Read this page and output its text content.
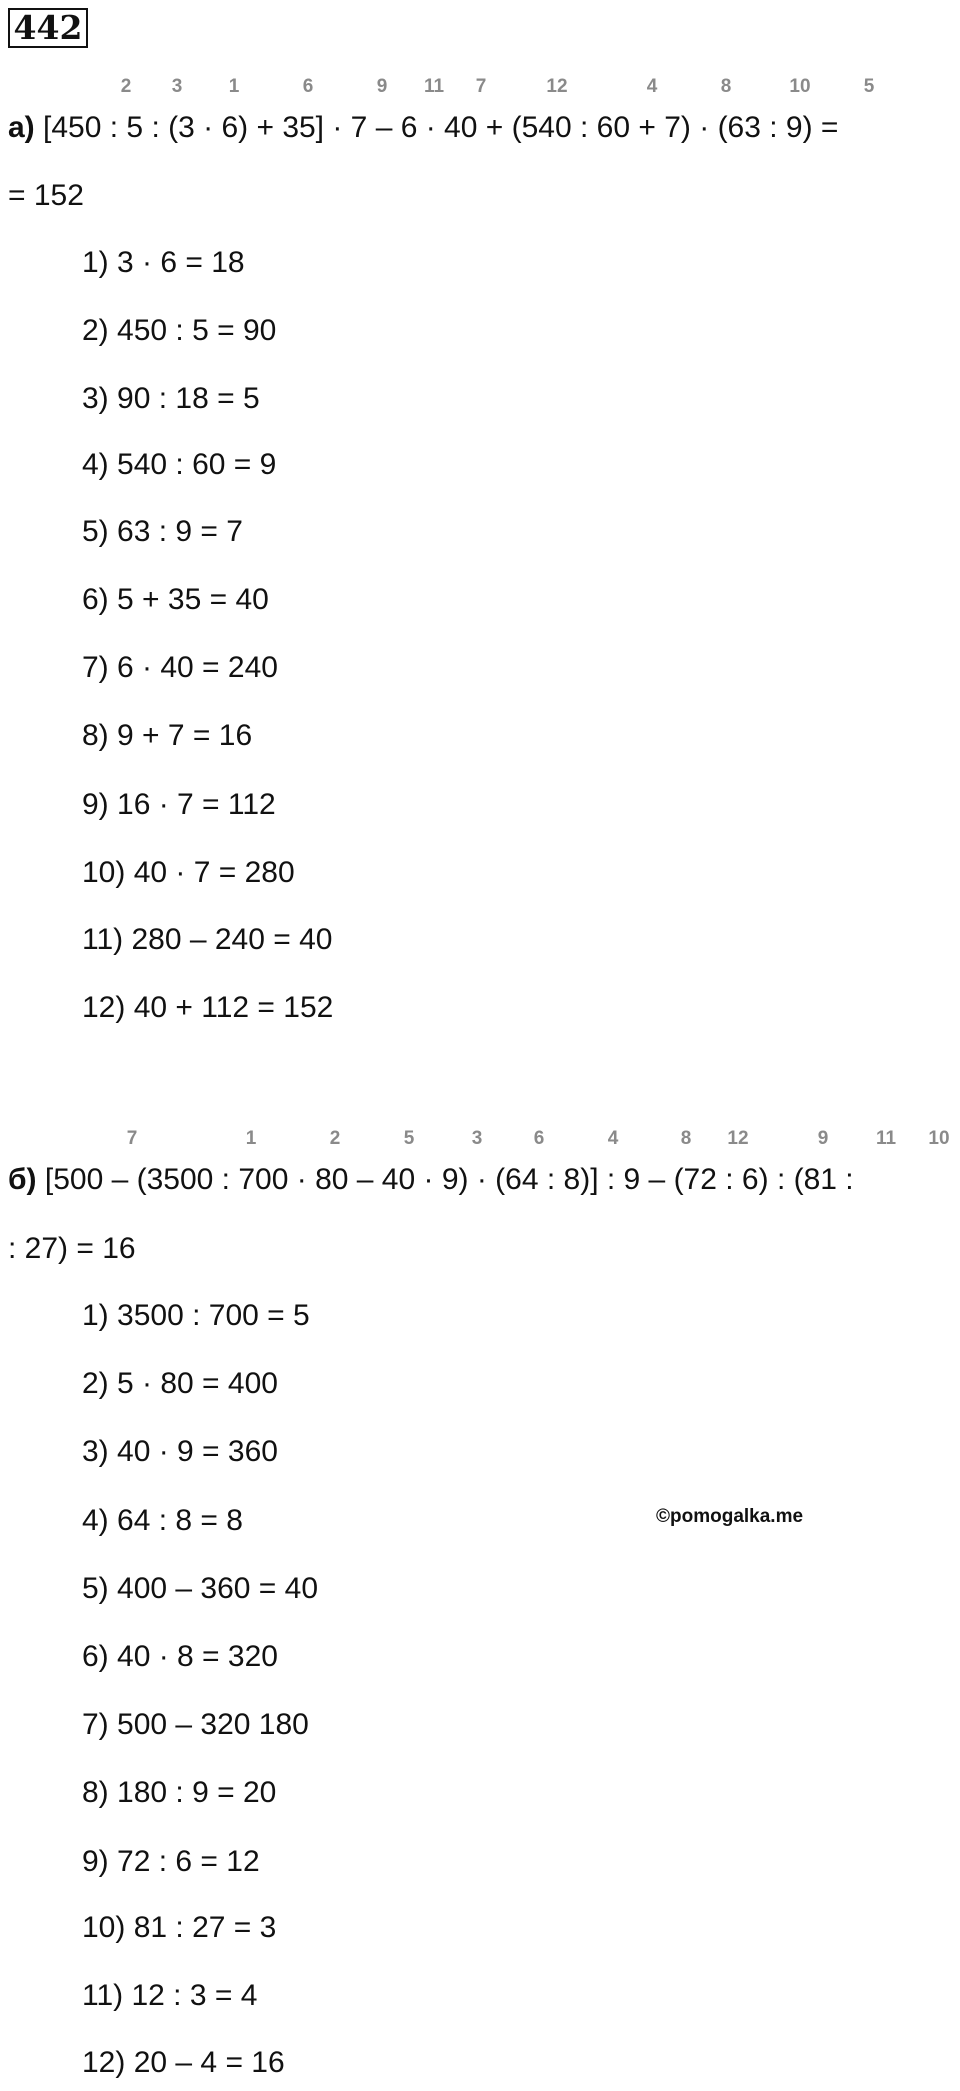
442
2 3 1	6	9 11 7	12	4	8	10	5
а) [450 : 5 : (3 · 6) + 35] · 7 – 6 · 40 + (540 : 60 + 7) · (63 : 9) =
= 152
1) 3 · 6 = 18
2) 450 : 5 = 90
3) 90 : 18 = 5
4) 540 : 60 = 9
5) 63 : 9 = 7
6) 5 + 35 = 40
7) 6 · 40 = 240
8) 9 + 7 = 16
9) 16 · 7 = 112
10) 40 · 7 = 280
11) 280 – 240 = 40
12) 40 + 112 = 152
7	1	2	5	3	6	4	8 12	9	11 10
б) [500 – (3500 : 700 · 80 – 40 · 9) · (64 : 8)] : 9 – (72 : 6) : (81 :
: 27) = 16
1) 3500 : 700 = 5
2) 5 · 80 = 400
3) 40 · 9 = 360
4) 64 : 8 = 8
5) 400 – 360 = 40
6) 40 · 8 = 320
7) 500 – 320 180
8) 180 : 9 = 20
9) 72 : 6 = 12
10) 81 : 27 = 3
11) 12 : 3 = 4
12) 20 – 4 = 16
©pomogalka.me
